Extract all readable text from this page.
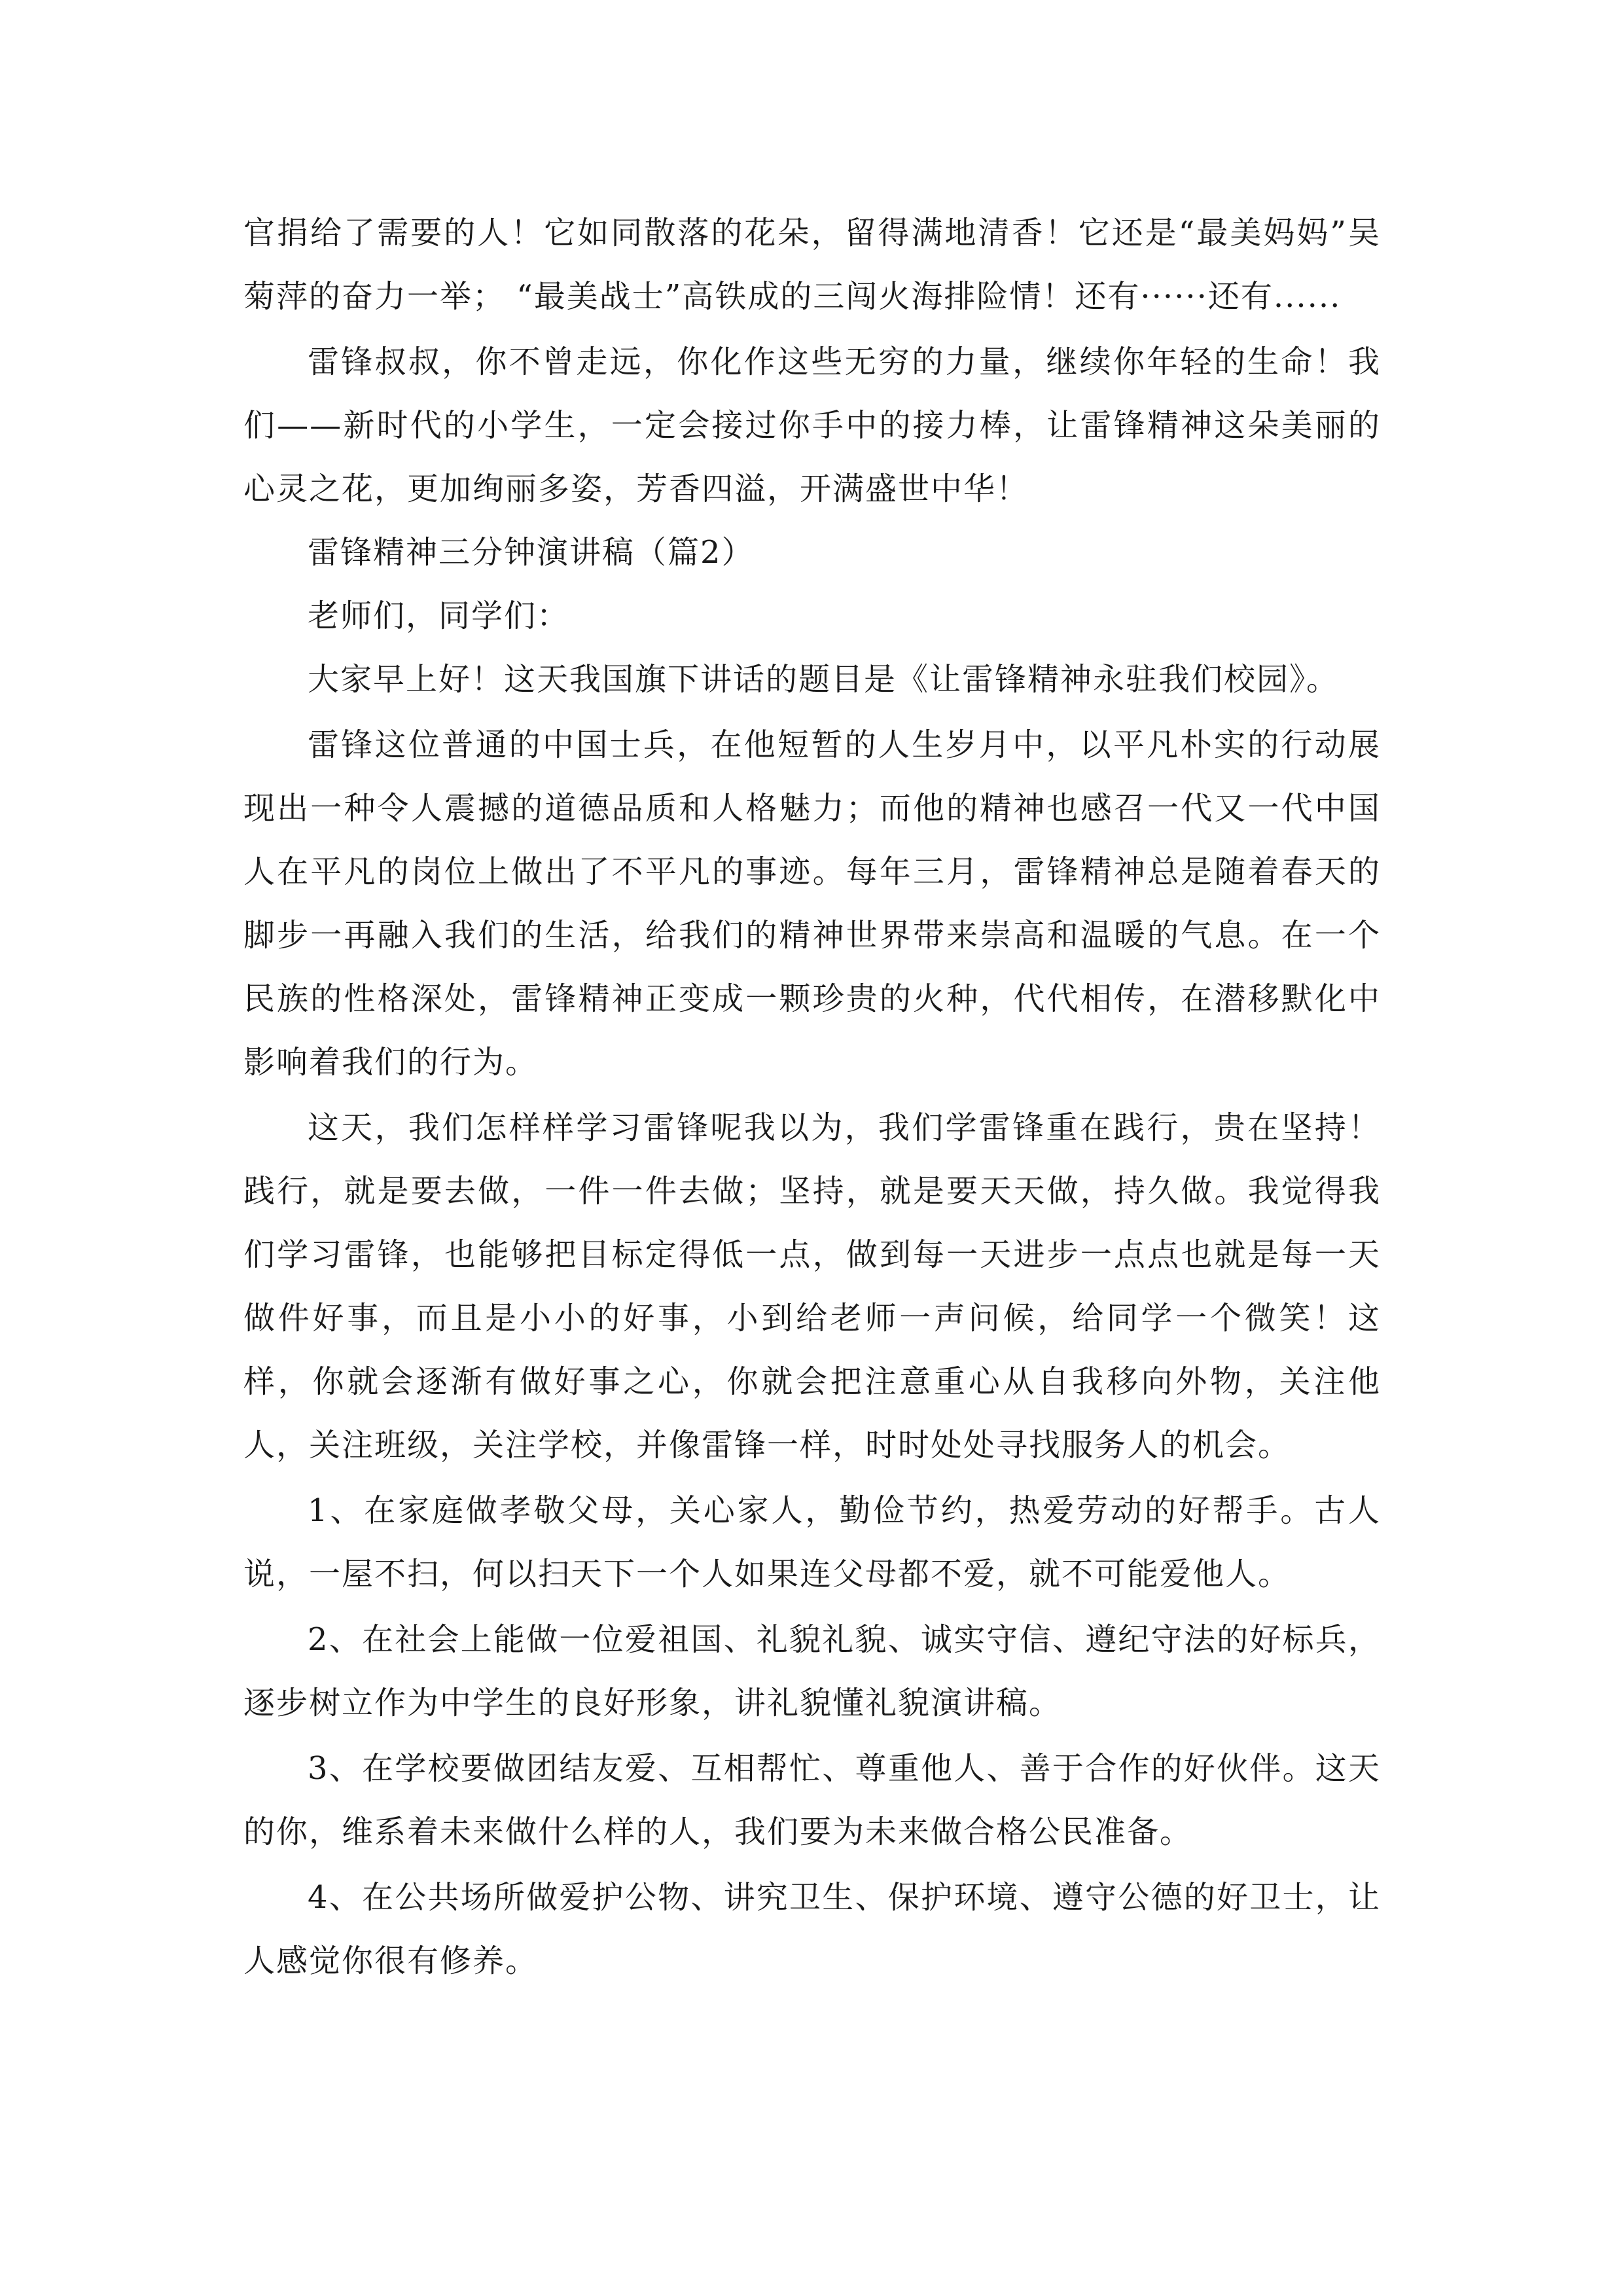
官捐给了需要的人！它如同散落的花朵，留得满地清香！它还是“最美妈妈”吴菊萍的奋力一举； “最美战士”高铁成的三闯火海排险情！还有······还有......

雷锋叔叔，你不曾走远，你化作这些无穷的力量，继续你年轻的生命！我们——新时代的小学生，一定会接过你手中的接力棒，让雷锋精神这朵美丽的心灵之花，更加绚丽多姿，芳香四溢，开满盛世中华！

雷锋精神三分钟演讲稿（篇2）

老师们，同学们：

大家早上好！这天我国旗下讲话的题目是《让雷锋精神永驻我们校园》。

雷锋这位普通的中国士兵，在他短暂的人生岁月中，以平凡朴实的行动展现出一种令人震撼的道德品质和人格魅力；而他的精神也感召一代又一代中国人在平凡的岗位上做出了不平凡的事迹。每年三月，雷锋精神总是随着春天的脚步一再融入我们的生活，给我们的精神世界带来崇高和温暖的气息。在一个民族的性格深处，雷锋精神正变成一颗珍贵的火种，代代相传，在潜移默化中影响着我们的行为。

这天，我们怎样样学习雷锋呢我以为，我们学雷锋重在践行，贵在坚持！践行，就是要去做，一件一件去做；坚持，就是要天天做，持久做。我觉得我们学习雷锋，也能够把目标定得低一点，做到每一天进步一点点也就是每一天做件好事，而且是小小的好事，小到给老师一声问候，给同学一个微笑！这样，你就会逐渐有做好事之心，你就会把注意重心从自我移向外物，关注他人，关注班级，关注学校，并像雷锋一样，时时处处寻找服务人的机会。

1、在家庭做孝敬父母，关心家人，勤俭节约，热爱劳动的好帮手。古人说，一屋不扫，何以扫天下一个人如果连父母都不爱，就不可能爱他人。

2、在社会上能做一位爱祖国、礼貌礼貌、诚实守信、遵纪守法的好标兵，逐步树立作为中学生的良好形象，讲礼貌懂礼貌演讲稿。

3、在学校要做团结友爱、互相帮忙、尊重他人、善于合作的好伙伴。这天的你，维系着未来做什么样的人，我们要为未来做合格公民准备。

4、在公共场所做爱护公物、讲究卫生、保护环境、遵守公德的好卫士，让人感觉你很有修养。
